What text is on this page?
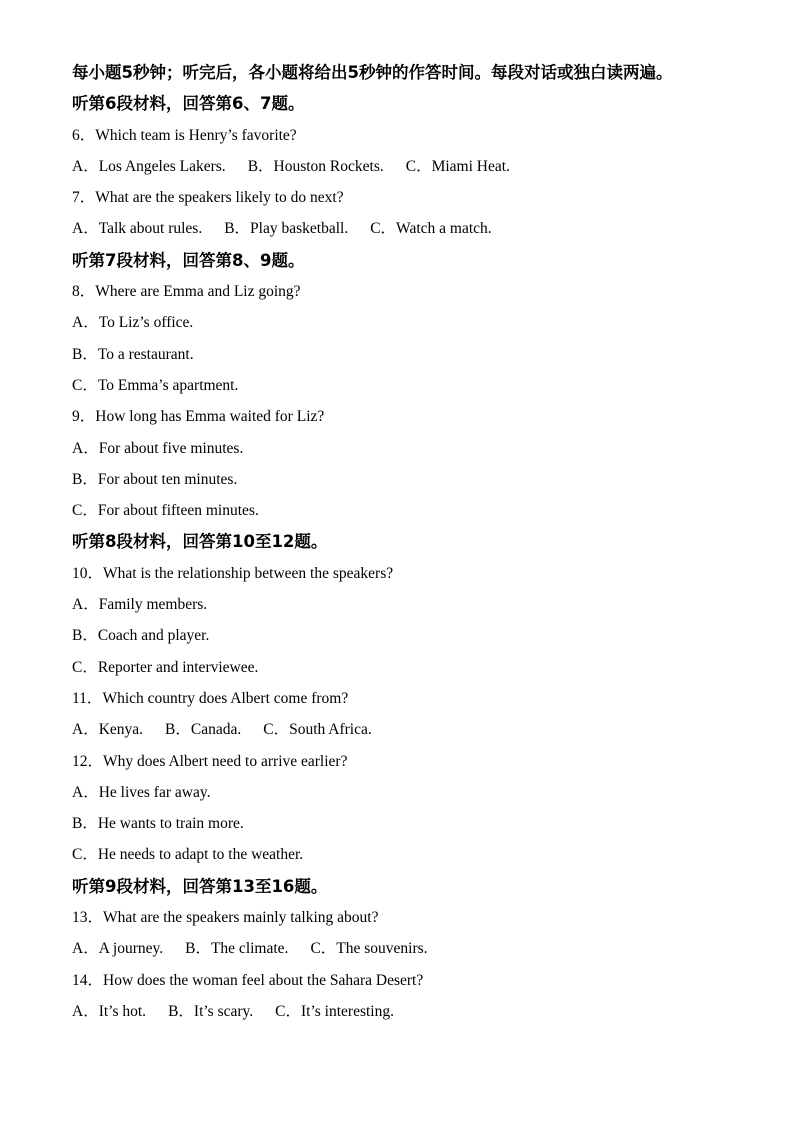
每小题5秒钟；听完后，各小题将给出5秒钟的作答时间。每段对话或独白读两遍。
听第6段材料，回答第6、7题。
6．Which team is Henry’s favorite?
A．Los Angeles Lakers. B．Houston Rockets. C．Miami Heat.
7．What are the speakers likely to do next?
A．Talk about rules. B．Play basketball. C．Watch a match.
听第7段材料，回答第8、9题。
8．Where are Emma and Liz going?
A．To Liz’s office.
B．To a restaurant.
C．To Emma’s apartment.
9．How long has Emma waited for Liz?
A．For about five minutes.
B．For about ten minutes.
C．For about fifteen minutes.
听第8段材料，回答第10至12题。
10．What is the relationship between the speakers?
A．Family members.
B．Coach and player.
C．Reporter and interviewee.
11．Which country does Albert come from?
A．Kenya. B．Canada. C．South Africa.
12．Why does Albert need to arrive earlier?
A．He lives far away.
B．He wants to train more.
C．He needs to adapt to the weather.
听第9段材料，回答第13至16题。
13．What are the speakers mainly talking about?
A．A journey. B．The climate. C．The souvenirs.
14．How does the woman feel about the Sahara Desert?
A．It’s hot. B．It’s scary. C．It’s interesting.
